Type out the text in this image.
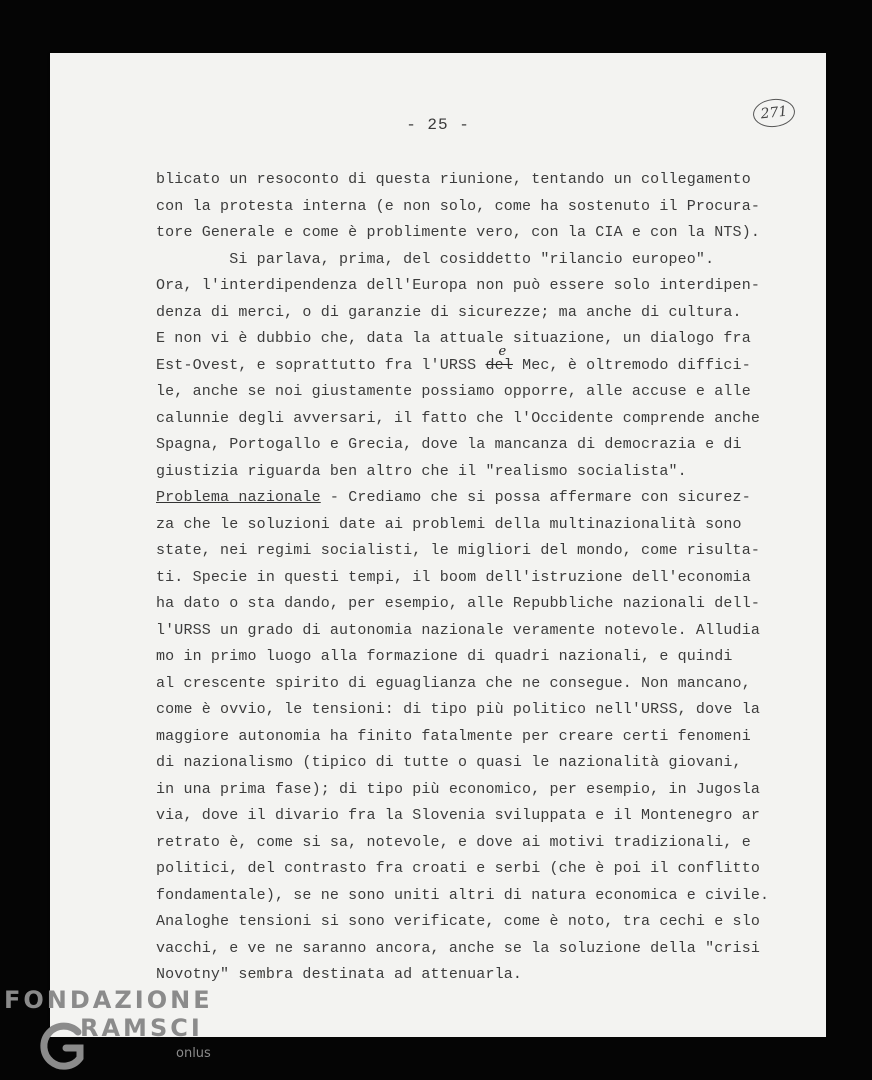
- 25 -
271
blicato un resoconto di questa riunione, tentando un collegamento
con la protesta interna (e non solo, come ha sostenuto il Procura-
tore Generale e come è problimente vero, con la CIA e con la NTS).
Si parlava, prima, del cosiddetto "rilancio europeo".
Ora, l'interdipendenza dell'Europa non può essere solo interdipen-
denza di merci, o di garanzie di sicurezze; ma anche di cultura.
E non vi è dubbio che, data la attuale situazione, un dialogo fra
Est-Ovest, e soprattutto fra l'URSS del
e
Mec, è oltremodo diffici-
le, anche se noi giustamente possiamo opporre, alle accuse e alle
calunnie degli avversari, il fatto che l'Occidente comprende anche
Spagna, Portogallo e Grecia, dove la mancanza di democrazia e di
giustizia riguarda ben altro che il "realismo socialista".
Problema nazionale - Crediamo che si possa affermare con sicurez-
za che le soluzioni date ai problemi della multinazionalità sono
state, nei regimi socialisti, le migliori del mondo, come risulta-
ti. Specie in questi tempi, il boom dell'istruzione dell'economia
ha dato o sta dando, per esempio, alle Repubbliche nazionali dell-
l'URSS un grado di autonomia nazionale veramente notevole. Alludia
mo in primo luogo alla formazione di quadri nazionali, e quindi
al crescente spirito di eguaglianza che ne consegue. Non mancano,
come è ovvio, le tensioni: di tipo più politico nell'URSS, dove la
maggiore autonomia ha finito fatalmente per creare certi fenomeni
di nazionalismo (tipico di tutte o quasi le nazionalità giovani,
in una prima fase); di tipo più economico, per esempio, in Jugosla
via, dove il divario fra la Slovenia sviluppata e il Montenegro ar
retrato è, come si sa, notevole, e dove ai motivi tradizionali, e
politici, del contrasto fra croati e serbi (che è poi il conflitto
fondamentale), se ne sono uniti altri di natura economica e civile.
Analoghe tensioni si sono verificate, come è noto, tra cechi e slo
vacchi, e ve ne saranno ancora, anche se la soluzione della "crisi
Novotny" sembra destinata ad attenuarla.
FONDAZIONE
RAMSCI
onlus
